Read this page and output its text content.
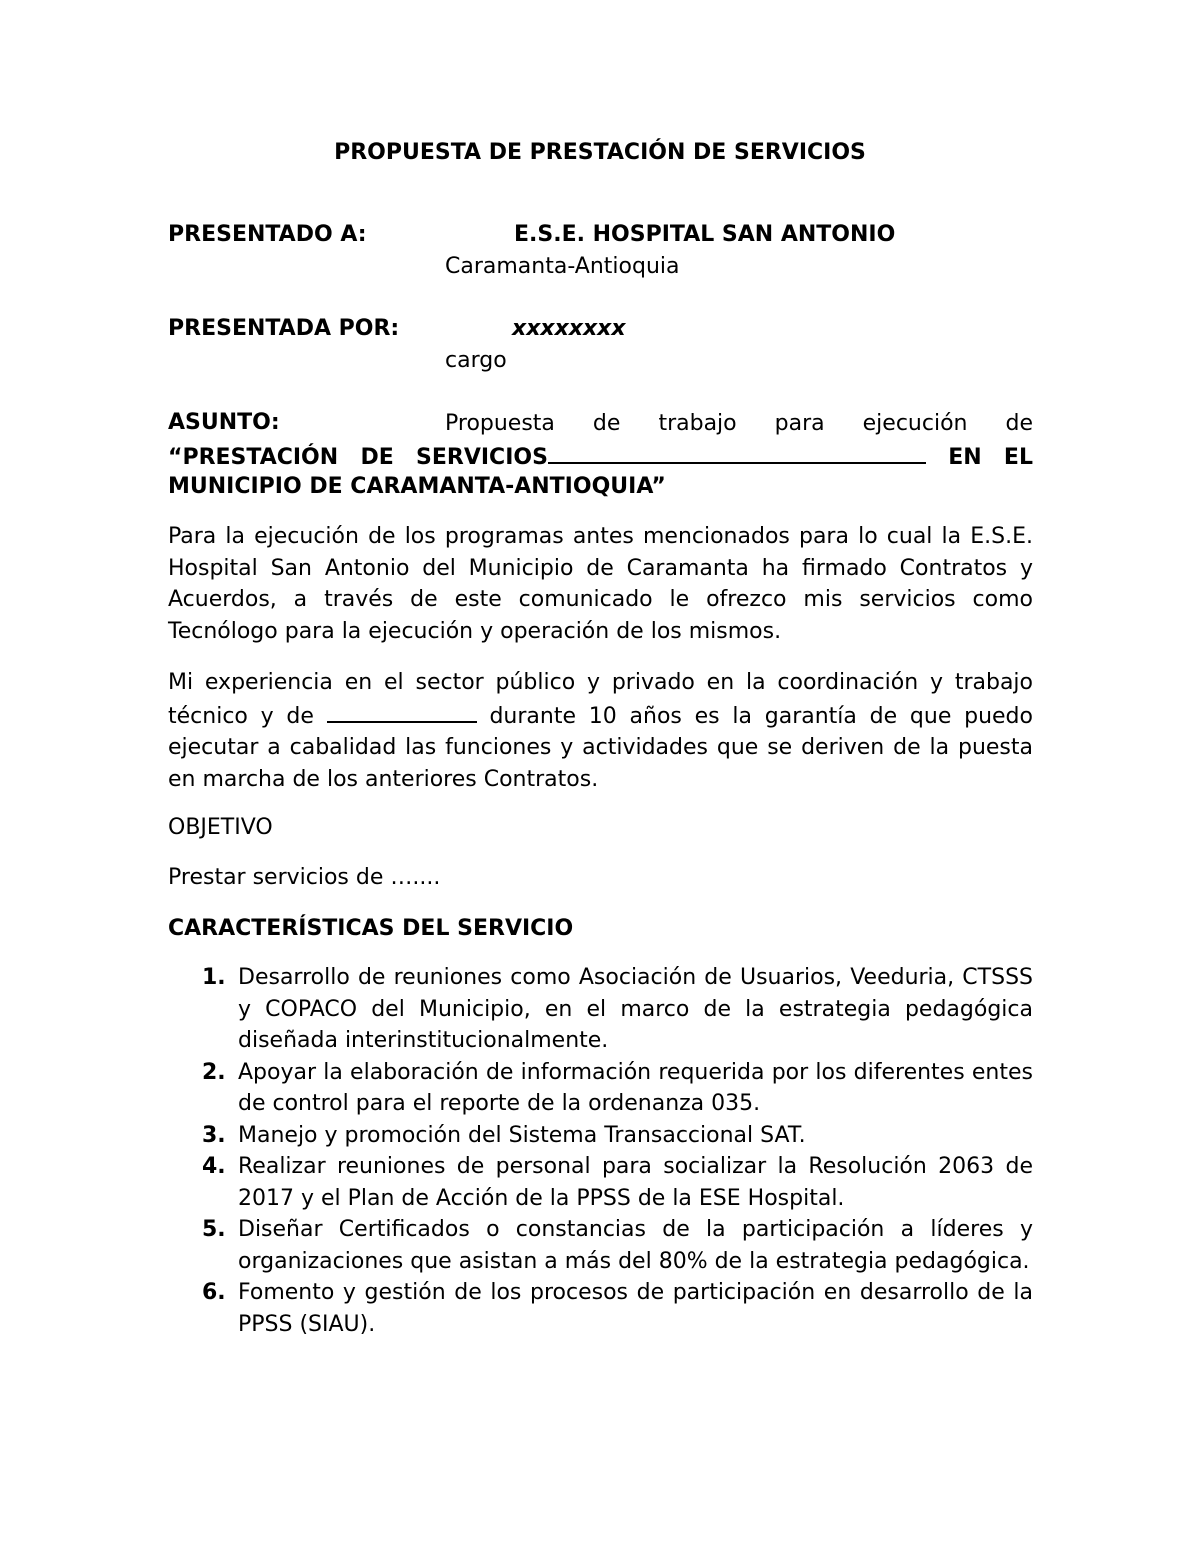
PROPUESTA DE PRESTACIÓN DE SERVICIOS
PRESENTADO A:	E.S.E. HOSPITAL SAN ANTONIO
Caramanta-Antioquia
PRESENTADA POR:	xxxxxxxx
cargo
ASUNTO:	Propuesta de trabajo para ejecución de
“PRESTACIÓN DE SERVICIOS	EN EL
MUNICIPIO DE CARAMANTA-ANTIOQUIA”
Para la ejecución de los programas antes mencionados para lo cual la E.S.E. Hospital San Antonio del Municipio de Caramanta ha firmado Contratos y Acuerdos, a través de este comunicado le ofrezco mis servicios como Tecnólogo para la ejecución y operación de los mismos.
Mi experiencia en el sector público y privado en la coordinación y trabajo técnico y de	durante 10 años es la garantía de que puedo ejecutar a cabalidad las funciones y actividades que se deriven de la puesta en marcha de los anteriores Contratos.
OBJETIVO
Prestar servicios de …....
CARACTERÍSTICAS DEL SERVICIO
1. Desarrollo de reuniones como Asociación de Usuarios, Veeduria, CTSSS y COPACO del Municipio, en el marco de la estrategia pedagógica diseñada interinstitucionalmente.
2. Apoyar la elaboración de información requerida por los diferentes entes de control para el reporte de la ordenanza 035.
3. Manejo y promoción del Sistema Transaccional SAT.
4. Realizar reuniones de personal para socializar la Resolución 2063 de 2017 y el Plan de Acción de la PPSS de la ESE Hospital.
5. Diseñar Certificados o constancias de la participación a líderes y organizaciones que asistan a más del 80% de la estrategia pedagógica.
6. Fomento y gestión de los procesos de participación en desarrollo de la PPSS (SIAU).
